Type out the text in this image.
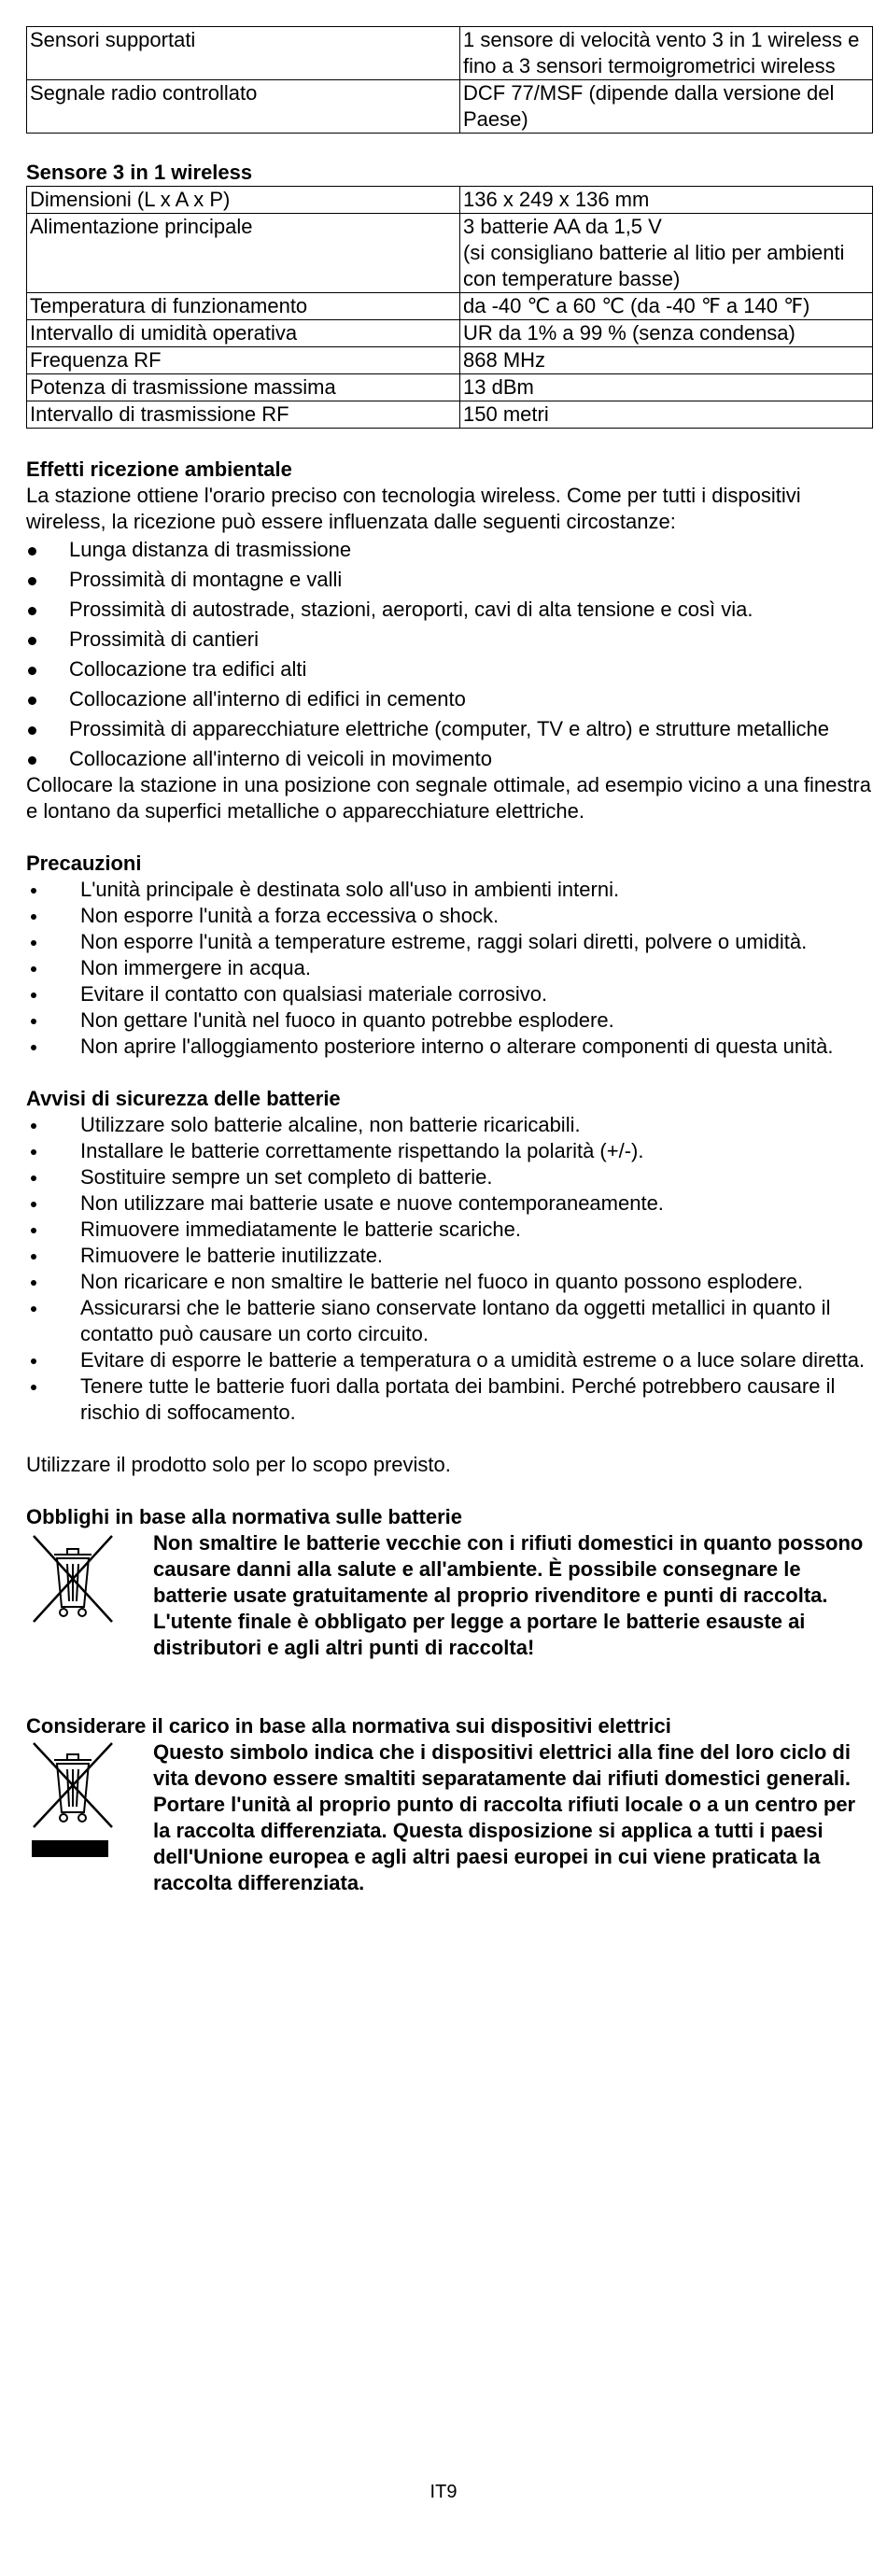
Sensori supportati	1 sensore di velocità vento 3 in 1 wireless e fino a 3 sensori termoigrometrici wireless
Segnale radio controllato	DCF 77/MSF (dipende dalla versione del Paese)

Sensore 3 in 1 wireless

Dimensioni (L x A x P)	136 x 249 x 136 mm
Alimentazione principale	3 batterie AA da 1,5 V
(si consigliano batterie al litio per ambienti con temperature basse)

Temperatura di funzionamento	da -40 ℃ a 60 ℃ (da -40 ℉ a 140 ℉)
Intervallo di umidità operativa	UR da 1% a 99 % (senza condensa)
Frequenza RF	868 MHz
Potenza di trasmissione massima	13 dBm
Intervallo di trasmissione RF	150 metri

Effetti ricezione ambientale

La stazione ottiene l'orario preciso con tecnologia wireless. Come per tutti i dispositivi wireless, la ricezione può essere influenzata dalle seguenti circostanze:

Lunga distanza di trasmissione
Prossimità di montagne e valli
Prossimità di autostrade, stazioni, aeroporti, cavi di alta tensione e così via.
Prossimità di cantieri
Collocazione tra edifici alti
Collocazione all'interno di edifici in cemento
Prossimità di apparecchiature elettriche (computer, TV e altro) e strutture metalliche
Collocazione all'interno di veicoli in movimento

Collocare la stazione in una posizione con segnale ottimale, ad esempio vicino a una finestra e lontano da superfici metalliche o apparecchiature elettriche.

Precauzioni

L'unità principale è destinata solo all'uso in ambienti interni.
Non esporre l'unità a forza eccessiva o shock.
Non esporre l'unità a temperature estreme, raggi solari diretti, polvere o umidità.
Non immergere in acqua.
Evitare il contatto con qualsiasi materiale corrosivo.
Non gettare l'unità nel fuoco in quanto potrebbe esplodere.
Non aprire l'alloggiamento posteriore interno o alterare componenti di questa unità.

Avvisi di sicurezza delle batterie

Utilizzare solo batterie alcaline, non batterie ricaricabili.
Installare le batterie correttamente rispettando la polarità (+/-).
Sostituire sempre un set completo di batterie.
Non utilizzare mai batterie usate e nuove contemporaneamente.
Rimuovere immediatamente le batterie scariche.
Rimuovere le batterie inutilizzate.
Non ricaricare e non smaltire le batterie nel fuoco in quanto possono esplodere.
Assicurarsi che le batterie siano conservate lontano da oggetti metallici in quanto il contatto può causare un corto circuito.
Evitare di esporre le batterie a temperatura o a umidità estreme o a luce solare diretta.
Tenere tutte le batterie fuori dalla portata dei bambini. Perché potrebbero causare il rischio di soffocamento.

Utilizzare il prodotto solo per lo scopo previsto.

Obblighi in base alla normativa sulle batterie

Non smaltire le batterie vecchie con i rifiuti domestici in quanto possono causare danni alla salute e all'ambiente. È possibile consegnare le batterie usate gratuitamente al proprio rivenditore e punti di raccolta. L'utente finale è obbligato per legge a portare le batterie esauste ai distributori e agli altri punti di raccolta!

Considerare il carico in base alla normativa sui dispositivi elettrici

Questo simbolo indica che i dispositivi elettrici alla fine del loro ciclo di vita devono essere smaltiti separatamente dai rifiuti domestici generali. Portare l'unità al proprio punto di raccolta rifiuti locale o a un centro per la raccolta differenziata. Questa disposizione si applica a tutti i paesi dell'Unione europea e agli altri paesi europei in cui viene praticata la raccolta differenziata.
IT9
